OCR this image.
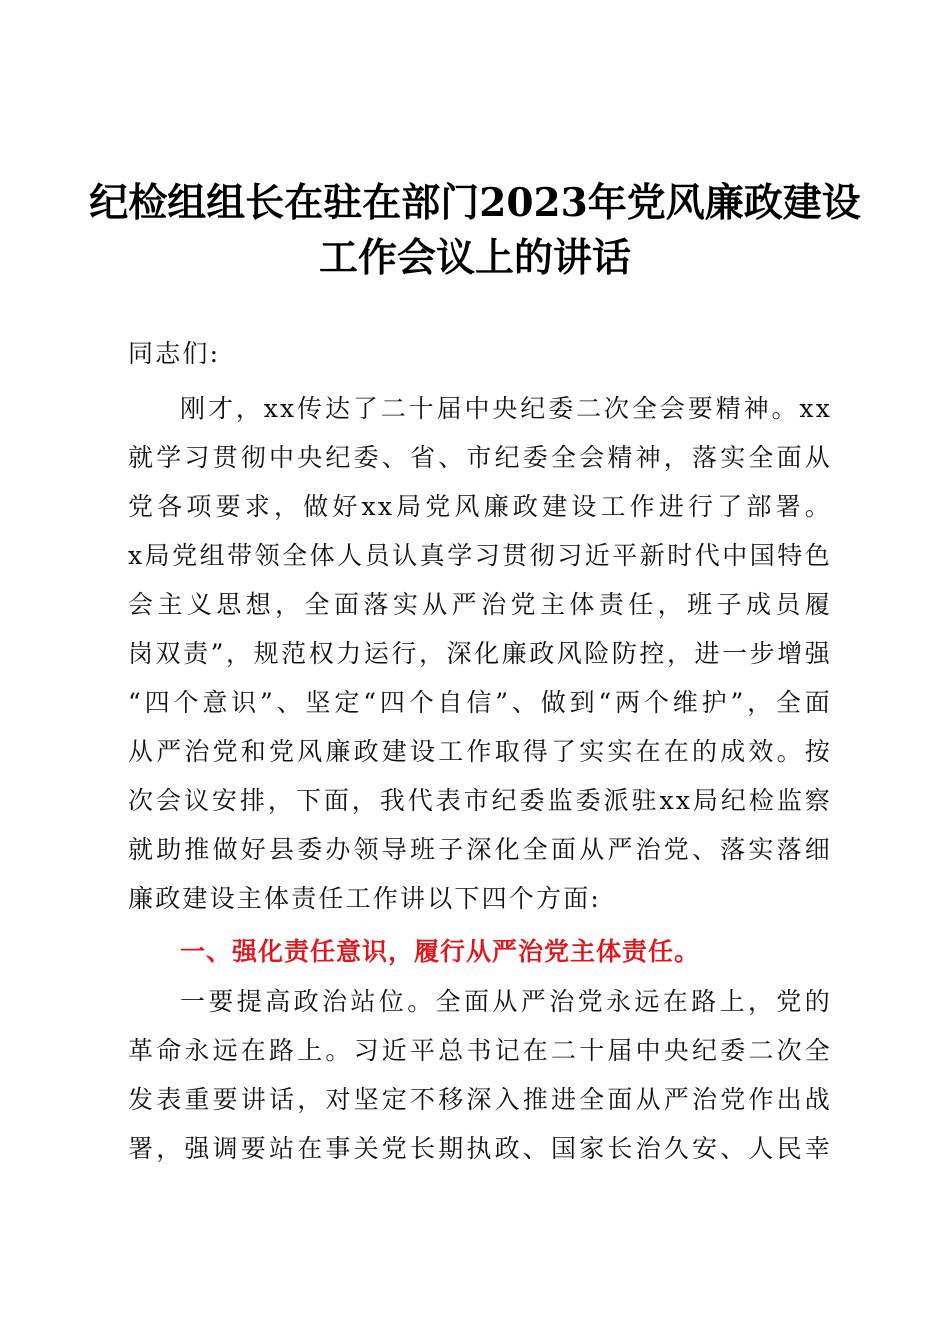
纪检组组长在驻在部门2023年党风廉政建设
工作会议上的讲话
同志们:
刚才，xx传达了二十届中央纪委二次全会要精神。xx
就学习贯彻中央纪委、省、市纪委全会精神，落实全面从
党各项要求，做好xx局党风廉政建设工作进行了部署。
x局党组带领全体人员认真学习贯彻习近平新时代中国特色
会主义思想，全面落实从严治党主体责任，班子成员履
岗双责”，规范权力运行，深化廉政风险防控，进一步增强
“四个意识”、坚定“四个自信”、做到“两个维护”，全面
从严治党和党风廉政建设工作取得了实实在在的成效。按
次会议安排，下面，我代表市纪委监委派驻xx局纪检监察
就助推做好县委办领导班子深化全面从严治党、落实落细
廉政建设主体责任工作讲以下四个方面:
一、强化责任意识，履行从严治党主体责任。
一要提高政治站位。全面从严治党永远在路上，党的
革命永远在路上。习近平总书记在二十届中央纪委二次全
发表重要讲话，对坚定不移深入推进全面从严治党作出战
署，强调要站在事关党长期执政、国家长治久安、人民幸
